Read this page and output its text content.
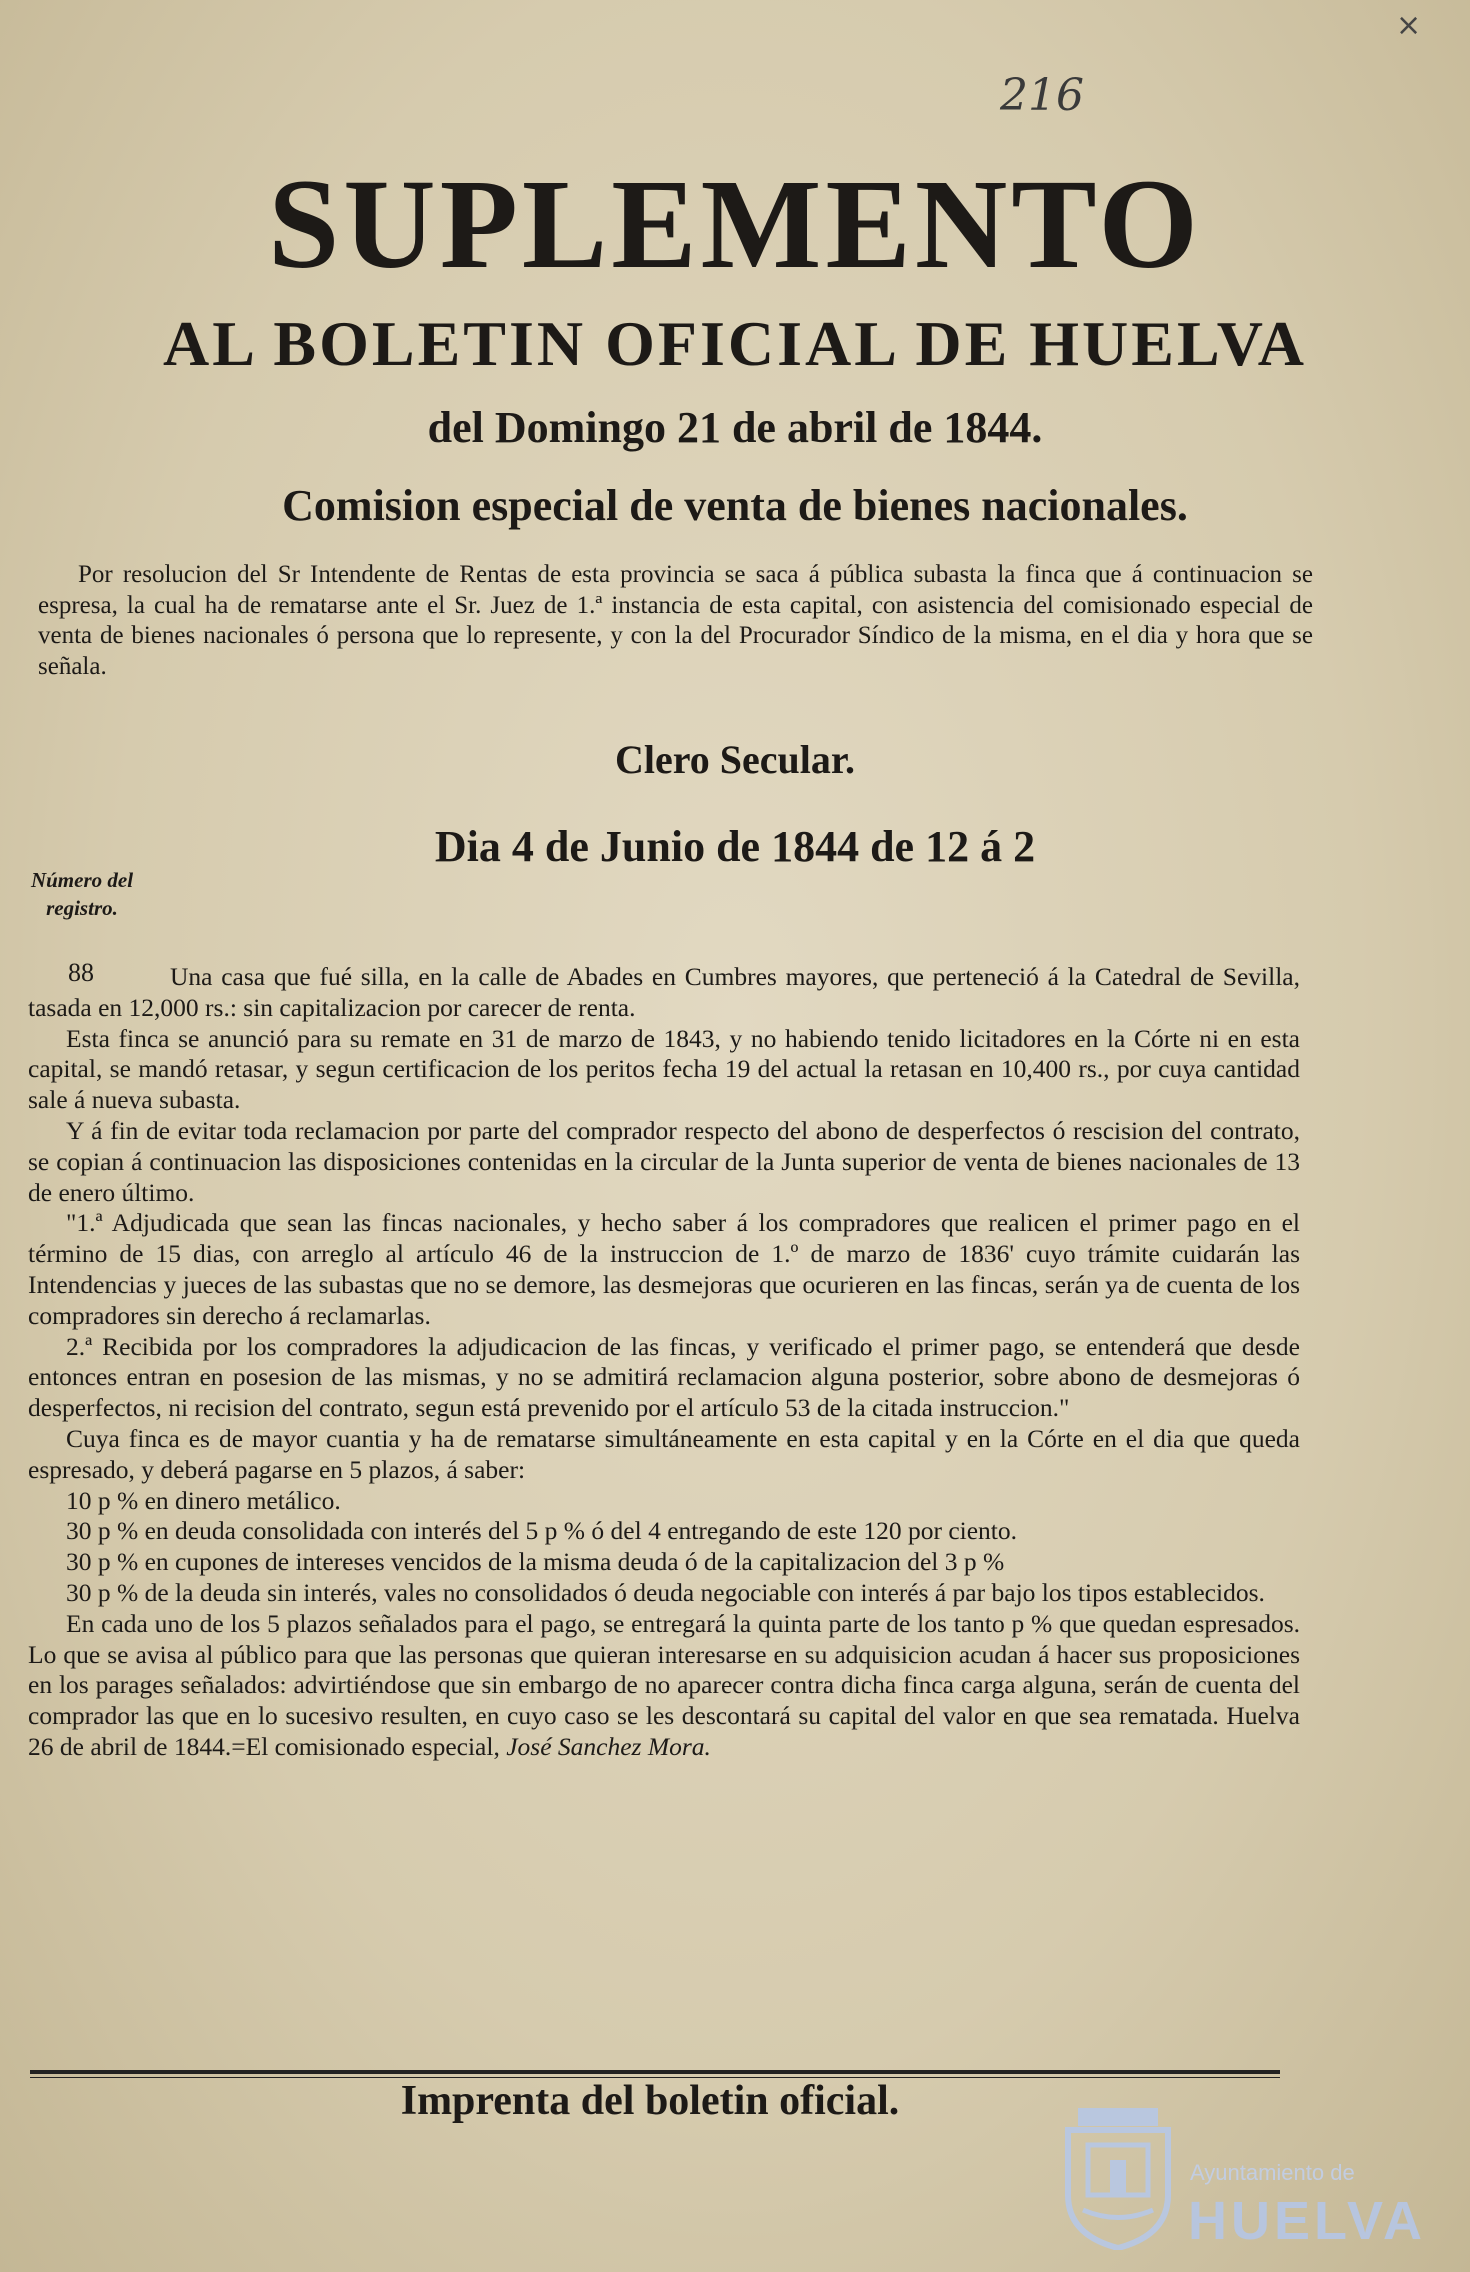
×
216
SUPLEMENTO
AL BOLETIN OFICIAL DE HUELVA
del Domingo 21 de abril de 1844.
Comision especial de venta de bienes nacionales.
Por resolucion del Sr Intendente de Rentas de esta provincia se saca á pública subasta la finca que á continuacion se espresa, la cual ha de rematarse ante el Sr. Juez de 1.ª instancia de esta capital, con asistencia del comisionado especial de venta de bienes nacionales ó persona que lo represente, y con la del Procurador Síndico de la misma, en el dia y hora que se señala.
Clero Secular.
Dia 4 de Junio de 1844 de 12 á 2
Número del registro.
88	Una casa que fué silla, en la calle de Abades en Cumbres mayores, que perteneció á la Catedral de Sevilla, tasada en 12,000 rs.: sin capitalizacion por carecer de renta.

Esta finca se anunció para su remate en 31 de marzo de 1843, y no habiendo tenido licitadores en la Córte ni en esta capital, se mandó retasar, y segun certificacion de los peritos fecha 19 del actual la retasan en 10,400 rs., por cuya cantidad sale á nueva subasta.

Y á fin de evitar toda reclamacion por parte del comprador respecto del abono de desperfectos ó rescision del contrato, se copian á continuacion las disposiciones contenidas en la circular de la Junta superior de venta de bienes nacionales de 13 de enero último.

"1.ª Adjudicada que sean las fincas nacionales, y hecho saber á los compradores que realicen el primer pago en el término de 15 dias, con arreglo al artículo 46 de la instruccion de 1.º de marzo de 1836' cuyo trámite cuidarán las Intendencias y jueces de las subastas que no se demore, las desmejoras que ocurieren en las fincas, serán ya de cuenta de los compradores sin derecho á reclamarlas.

2.ª Recibida por los compradores la adjudicacion de las fincas, y verificado el primer pago, se entenderá que desde entonces entran en posesion de las mismas, y no se admitirá reclamacion alguna posterior, sobre abono de desmejoras ó desperfectos, ni recision del contrato, segun está prevenido por el artículo 53 de la citada instruccion."

Cuya finca es de mayor cuantia y ha de rematarse simultáneamente en esta capital y en la Córte en el dia que queda espresado, y deberá pagarse en 5 plazos, á saber:

10 p % en dinero metálico.

30 p % en deuda consolidada con interés del 5 p % ó del 4 entregando de este 120 por ciento.

30 p % en cupones de intereses vencidos de la misma deuda ó de la capitalizacion del 3 p %

30 p % de la deuda sin interés, vales no consolidados ó deuda negociable con interés á par bajo los tipos establecidos.

En cada uno de los 5 plazos señalados para el pago, se entregará la quinta parte de los tanto p % que quedan espresados. Lo que se avisa al público para que las personas que quieran interesarse en su adquisicion acudan á hacer sus proposiciones en los parages señalados: advirtiéndose que sin embargo de no aparecer contra dicha finca carga alguna, serán de cuenta del comprador las que en lo sucesivo resulten, en cuyo caso se les descontará su capital del valor en que sea rematada. Huelva 26 de abril de 1844.=El comisionado especial, José Sanchez Mora.

Imprenta del boletin oficial.
Ayuntamiento de
HUELVA
